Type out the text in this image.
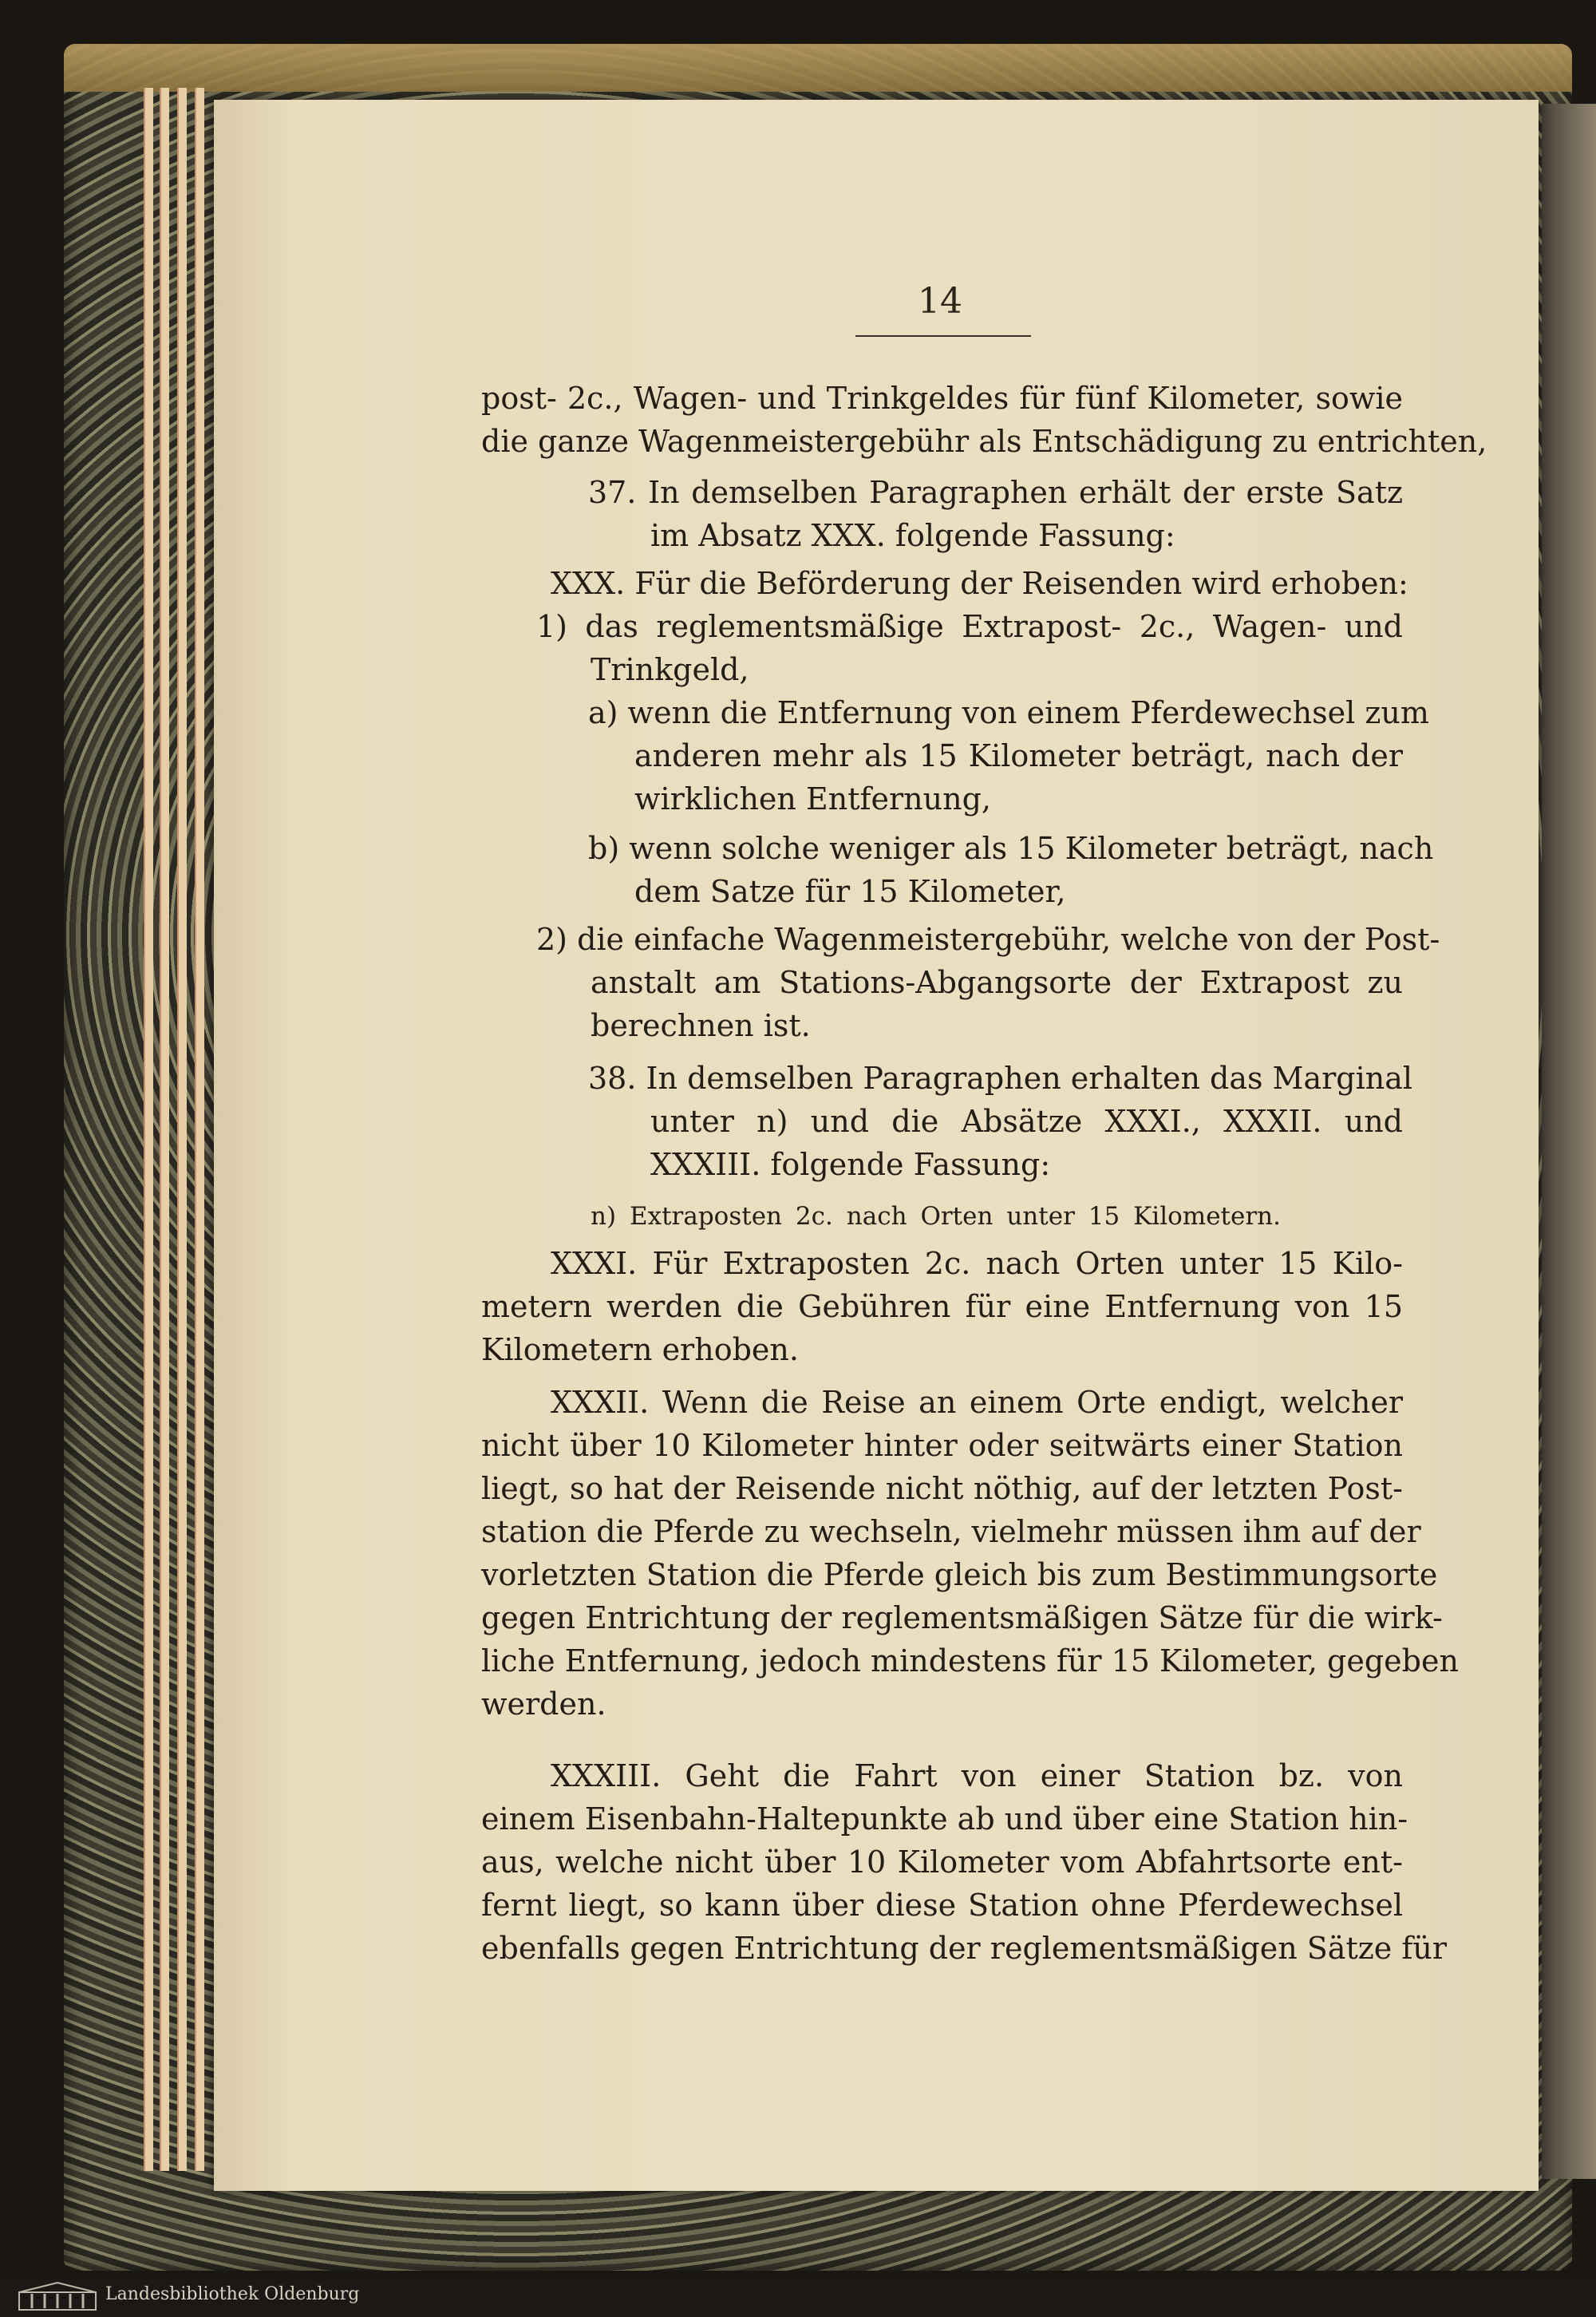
14
post- 2c., Wagen- und Trinkgeldes für fünf Kilometer, sowie
die ganze Wagenmeistergebühr als Entschädigung zu entrichten,
37. In demselben Paragraphen erhält der erste Satz
im Absatz XXX. folgende Fassung:
XXX. Für die Beförderung der Reisenden wird erhoben:
1) das reglementsmäßige Extrapost- 2c., Wagen- und
Trinkgeld,
a) wenn die Entfernung von einem Pferdewechsel zum
anderen mehr als 15 Kilometer beträgt, nach der
wirklichen Entfernung,
b) wenn solche weniger als 15 Kilometer beträgt, nach
dem Satze für 15 Kilometer,
2) die einfache Wagenmeistergebühr, welche von der Post-
anstalt am Stations-Abgangsorte der Extrapost zu
berechnen ist.
38. In demselben Paragraphen erhalten das Marginal
unter n) und die Absätze XXXI., XXXII. und
XXXIII. folgende Fassung:
n) Extraposten 2c. nach Orten unter 15 Kilometern.
XXXI. Für Extraposten 2c. nach Orten unter 15 Kilo-
metern werden die Gebühren für eine Entfernung von 15
Kilometern erhoben.
XXXII. Wenn die Reise an einem Orte endigt, welcher
nicht über 10 Kilometer hinter oder seitwärts einer Station
liegt, so hat der Reisende nicht nöthig, auf der letzten Post-
station die Pferde zu wechseln, vielmehr müssen ihm auf der
vorletzten Station die Pferde gleich bis zum Bestimmungsorte
gegen Entrichtung der reglementsmäßigen Sätze für die wirk-
liche Entfernung, jedoch mindestens für 15 Kilometer, gegeben
werden.
XXXIII. Geht die Fahrt von einer Station bz. von
einem Eisenbahn-Haltepunkte ab und über eine Station hin-
aus, welche nicht über 10 Kilometer vom Abfahrtsorte ent-
fernt liegt, so kann über diese Station ohne Pferdewechsel
ebenfalls gegen Entrichtung der reglementsmäßigen Sätze für
Landesbibliothek Oldenburg
